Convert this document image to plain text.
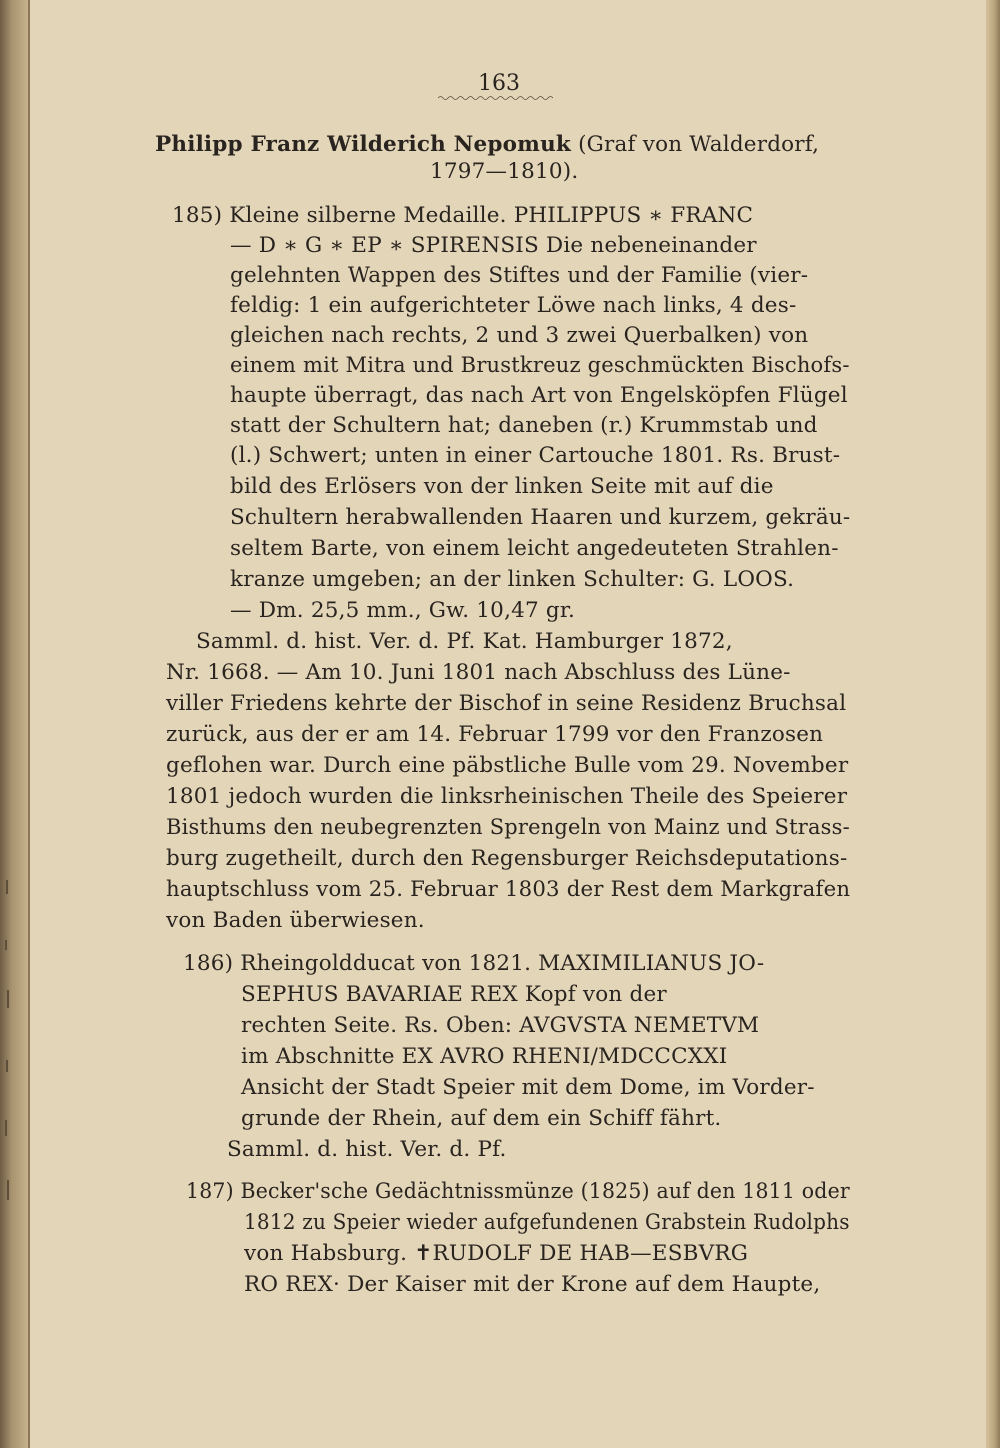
163
Philipp Franz Wilderich Nepomuk (Graf von Walderdorf,
1797—1810).
185) Kleine silberne Medaille. PHILIPPUS ∗ FRANC
— D ∗ G ∗ EP ∗ SPIRENSIS Die nebeneinander
gelehnten Wappen des Stiftes und der Familie (vier-
feldig: 1 ein aufgerichteter Löwe nach links, 4 des-
gleichen nach rechts, 2 und 3 zwei Querbalken) von
einem mit Mitra und Brustkreuz geschmückten Bischofs-
haupte überragt, das nach Art von Engelsköpfen Flügel
statt der Schultern hat; daneben (r.) Krummstab und
(l.) Schwert; unten in einer Cartouche 1801. Rs. Brust-
bild des Erlösers von der linken Seite mit auf die
Schultern herabwallenden Haaren und kurzem, gekräu-
seltem Barte, von einem leicht angedeuteten Strahlen-
kranze umgeben; an der linken Schulter: G. LOOS.
— Dm. 25,5 mm., Gw. 10,47 gr.
Samml. d. hist. Ver. d. Pf. Kat. Hamburger 1872,
Nr. 1668. — Am 10. Juni 1801 nach Abschluss des Lüne-
viller Friedens kehrte der Bischof in seine Residenz Bruchsal
zurück, aus der er am 14. Februar 1799 vor den Franzosen
geflohen war. Durch eine päbstliche Bulle vom 29. November
1801 jedoch wurden die linksrheinischen Theile des Speierer
Bisthums den neubegrenzten Sprengeln von Mainz und Strass-
burg zugetheilt, durch den Regensburger Reichsdeputations-
hauptschluss vom 25. Februar 1803 der Rest dem Markgrafen
von Baden überwiesen.
186) Rheingoldducat von 1821. MAXIMILIANUS JO-
SEPHUS BAVARIAE REX Kopf von der
rechten Seite. Rs. Oben: AVGVSTA NEMETVM
im Abschnitte EX AVRO RHENI/MDCCCXXI
Ansicht der Stadt Speier mit dem Dome, im Vorder-
grunde der Rhein, auf dem ein Schiff fährt.
Samml. d. hist. Ver. d. Pf.
187) Becker'sche Gedächtnissmünze (1825) auf den 1811 oder
1812 zu Speier wieder aufgefundenen Grabstein Rudolphs
von Habsburg. ✝RUDOLF DE HAB—ESBVRG
RO REX· Der Kaiser mit der Krone auf dem Haupte,
